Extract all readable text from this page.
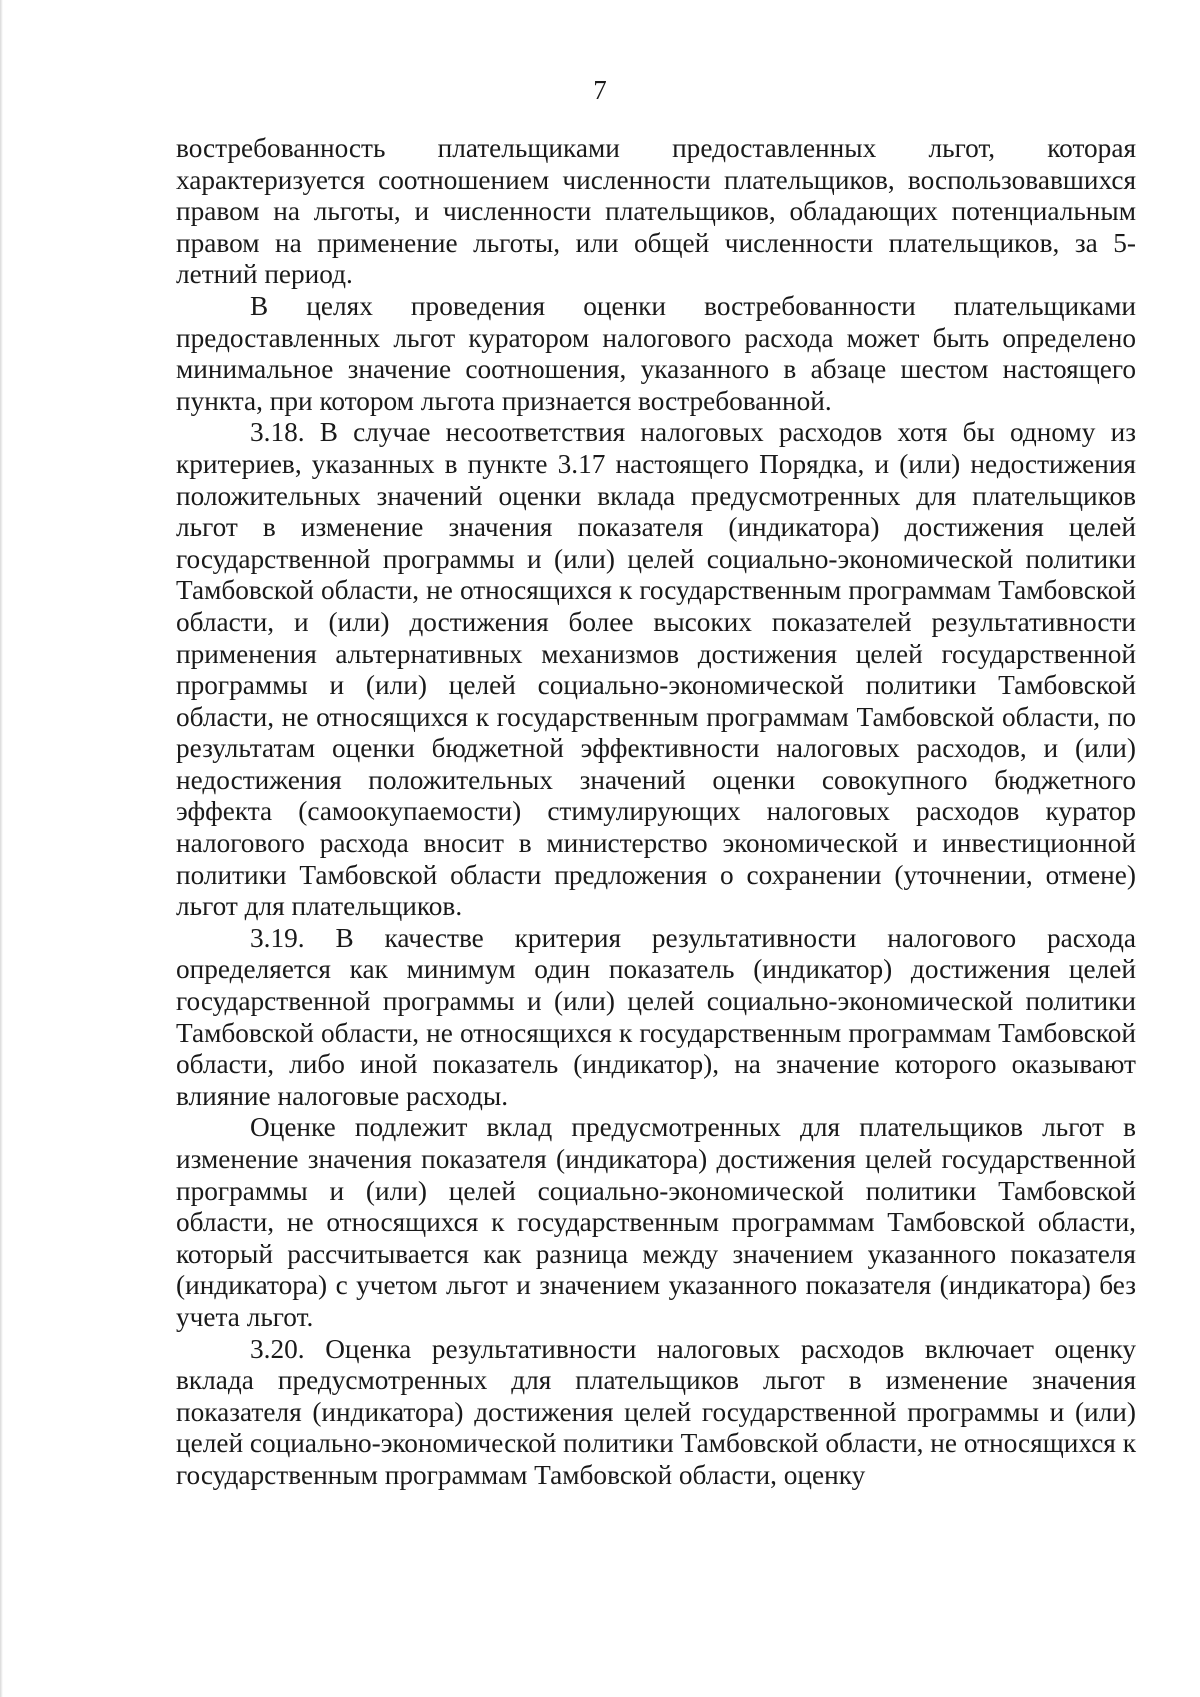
7

востребованность плательщиками предоставленных льгот, которая характеризуется соотношением численности плательщиков, воспользовавшихся правом на льготы, и численности плательщиков, обладающих потенциальным правом на применение льготы, или общей численности плательщиков, за 5-летний период.

В целях проведения оценки востребованности плательщиками предоставленных льгот куратором налогового расхода может быть определено минимальное значение соотношения, указанного в абзаце шестом настоящего пункта, при котором льгота признается востребованной.

3.18. В случае несоответствия налоговых расходов хотя бы одному из критериев, указанных в пункте 3.17 настоящего Порядка, и (или) недостижения положительных значений оценки вклада предусмотренных для плательщиков льгот в изменение значения показателя (индикатора) достижения целей государственной программы и (или) целей социально-экономической политики Тамбовской области, не относящихся к государственным программам Тамбовской области, и (или) достижения более высоких показателей результативности применения альтернативных механизмов достижения целей государственной программы и (или) целей социально-экономической политики Тамбовской области, не относящихся к государственным программам Тамбовской области, по результатам оценки бюджетной эффективности налоговых расходов, и (или) недостижения положительных значений оценки совокупного бюджетного эффекта (самоокупаемости) стимулирующих налоговых расходов куратор налогового расхода вносит в министерство экономической и инвестиционной политики Тамбовской области предложения о сохранении (уточнении, отмене) льгот для плательщиков.

3.19. В качестве критерия результативности налогового расхода определяется как минимум один показатель (индикатор) достижения целей государственной программы и (или) целей социально-экономической политики Тамбовской области, не относящихся к государственным программам Тамбовской области, либо иной показатель (индикатор), на значение которого оказывают влияние налоговые расходы.

Оценке подлежит вклад предусмотренных для плательщиков льгот в изменение значения показателя (индикатора) достижения целей государственной программы и (или) целей социально-экономической политики Тамбовской области, не относящихся к государственным программам Тамбовской области, который рассчитывается как разница между значением указанного показателя (индикатора) с учетом льгот и значением указанного показателя (индикатора) без учета льгот.

3.20. Оценка результативности налоговых расходов включает оценку вклада предусмотренных для плательщиков льгот в изменение значения показателя (индикатора) достижения целей государственной программы и (или) целей социально-экономической политики Тамбовской области, не относящихся к государственным программам Тамбовской области, оценку
